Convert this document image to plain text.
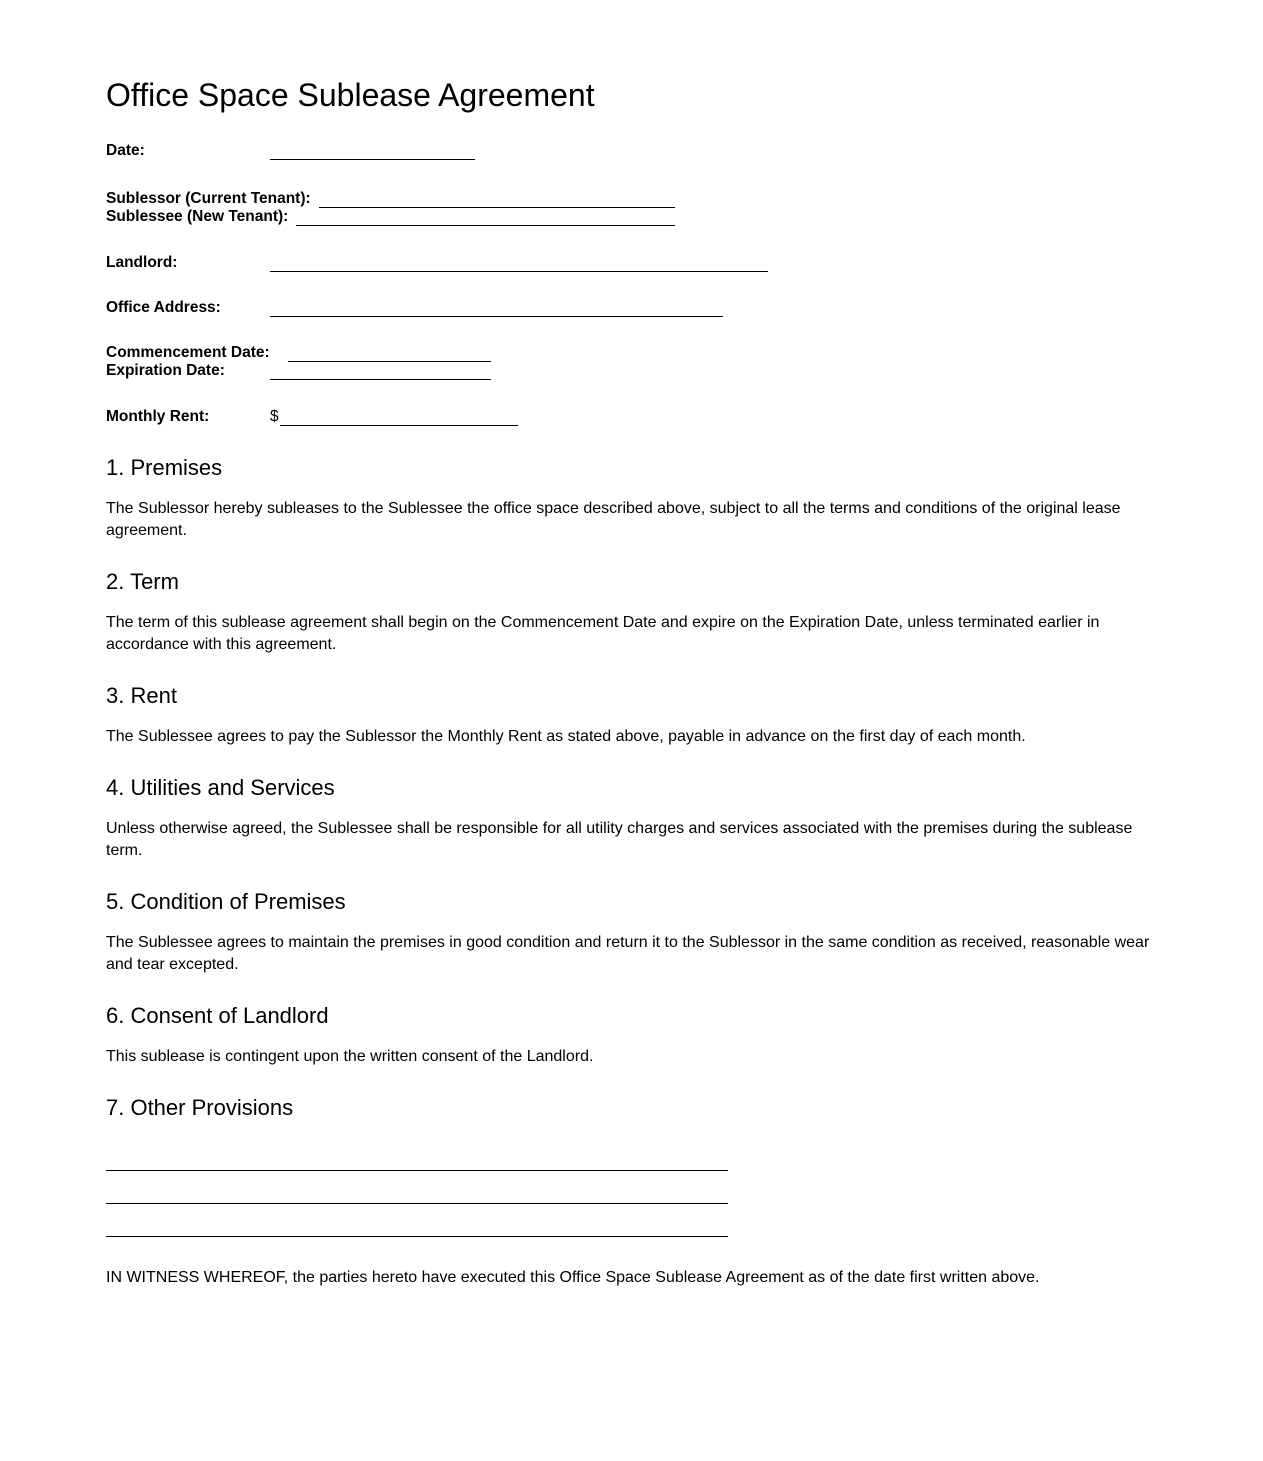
Office Space Sublease Agreement
Date:
Sublessor (Current Tenant):
Sublessee (New Tenant):
Landlord:
Office Address:
Commencement Date:
Expiration Date:
Monthly Rent:	$
1. Premises

The Sublessor hereby subleases to the Sublessee the office space described above, subject to all the terms and conditions of the original lease agreement.

2. Term

The term of this sublease agreement shall begin on the Commencement Date and expire on the Expiration Date, unless terminated earlier in accordance with this agreement.

3. Rent

The Sublessee agrees to pay the Sublessor the Monthly Rent as stated above, payable in advance on the first day of each month.

4. Utilities and Services

Unless otherwise agreed, the Sublessee shall be responsible for all utility charges and services associated with the premises during the sublease term.

5. Condition of Premises

The Sublessee agrees to maintain the premises in good condition and return it to the Sublessor in the same condition as received, reasonable wear and tear excepted.

6. Consent of Landlord

This sublease is contingent upon the written consent of the Landlord.

7. Other Provisions

IN WITNESS WHEREOF, the parties hereto have executed this Office Space Sublease Agreement as of the date first written above.
